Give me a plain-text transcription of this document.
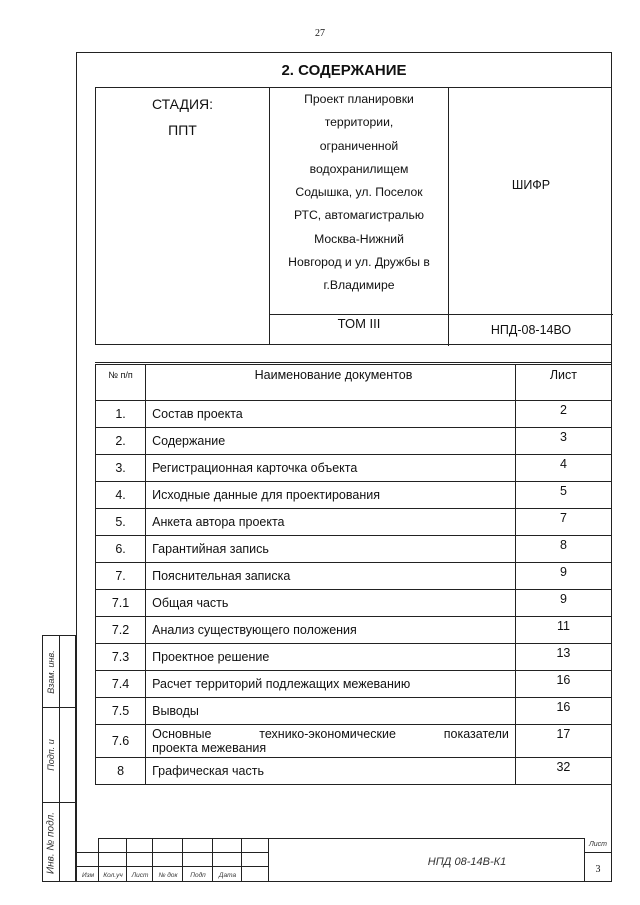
27
Взам. инв.
Подп. и
Инв. № подл.
2. СОДЕРЖАНИЕ
СТАДИЯ:
ППТ
Проект планировки
территории,
ограниченной
водохранилищем
Содышка, ул. Поселок
РТС, автомагистралью
Москва-Нижний
Новгород и ул. Дружбы в
г.Владимире
ШИФР
ТОМ III	НПД-08-14ВО
№ п/п	Наименование документов	Лист
1.	Состав проекта	2
2.	Содержание	3
3.	Регистрационная карточка объекта	4
4.	Исходные данные для проектирования	5
5.	Анкета автора проекта	7
6.	Гарантийная запись	8
7.	Пояснительная записка	9
7.1	Общая часть	9
7.2	Анализ существующего положения	11
7.3	Проектное решение	13
7.4	Расчет территорий подлежащих межеванию	16
7.5	Выводы	16
7.6	Основные технико-экономические показатели
проекта межевания	17
8	Графическая часть	32
Изм	Кол.уч	Лист	№ док	Подп	Дата
НПД 08-14В-К1
Лист
3
